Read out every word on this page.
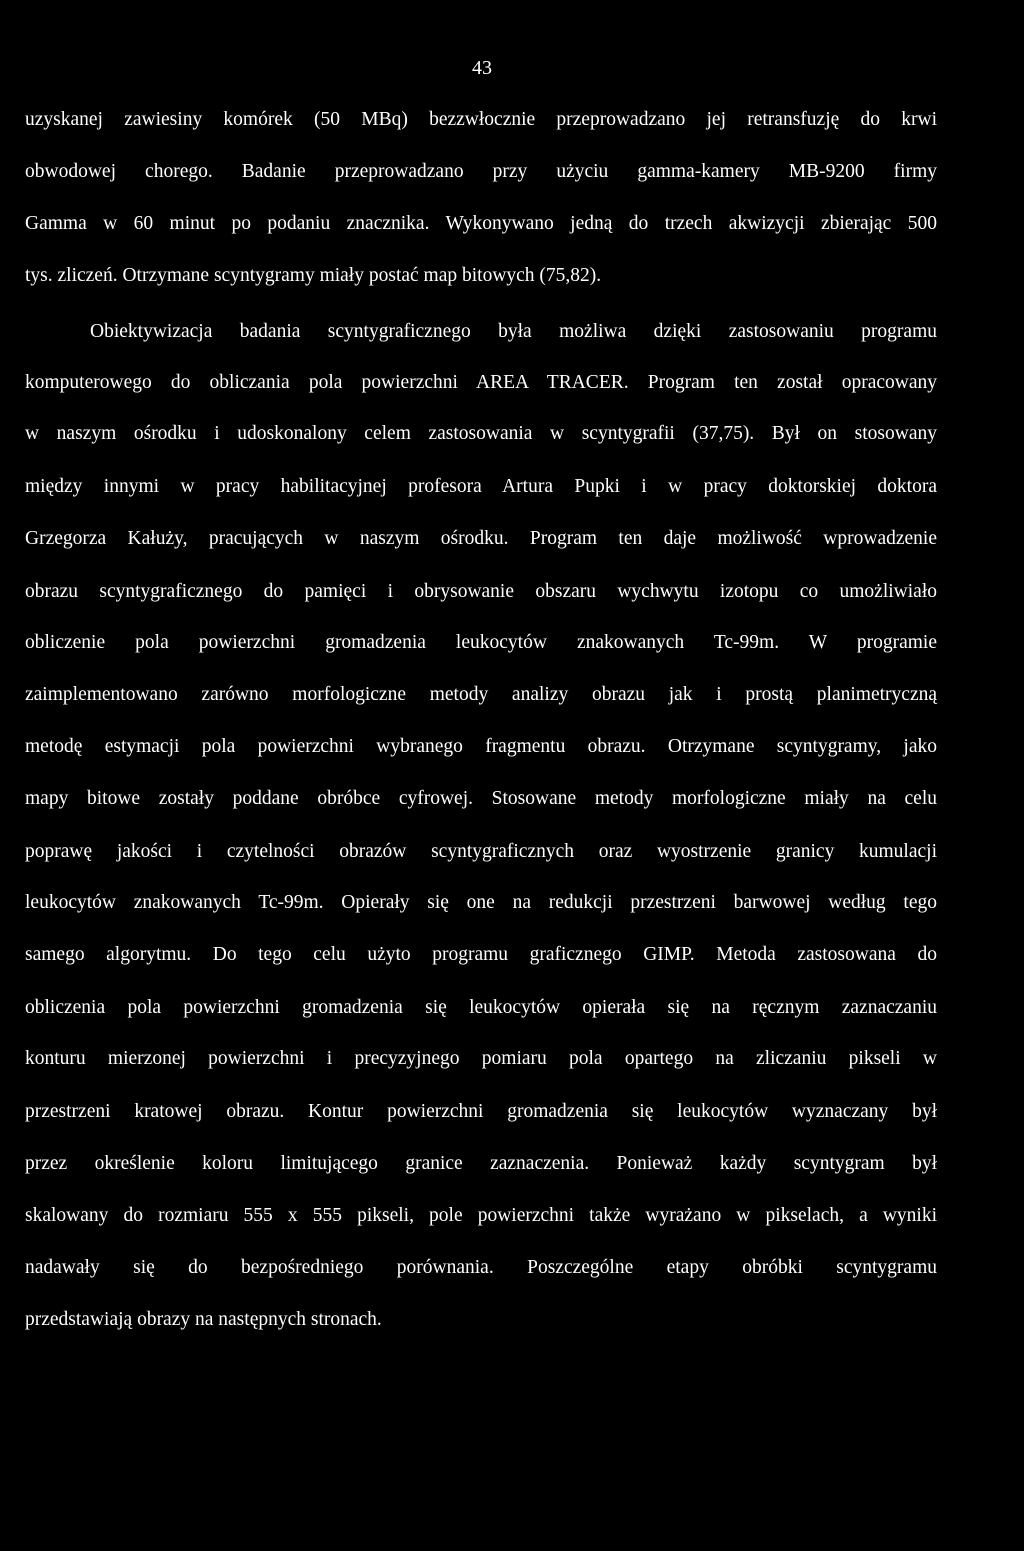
43
uzyskanej zawiesiny komórek (50 MBq) bezzwłocznie przeprowadzano jej retransfuzję do krwi
obwodowej chorego. Badanie przeprowadzano przy użyciu gamma-kamery MB-9200 firmy
Gamma w 60 minut po podaniu znacznika. Wykonywano jedną do trzech akwizycji zbierając 500
tys. zliczeń. Otrzymane scyntygramy miały postać map bitowych (75,82).
Obiektywizacja badania scyntygraficznego była możliwa dzięki zastosowaniu programu
komputerowego do obliczania pola powierzchni AREA TRACER. Program ten został opracowany
w naszym ośrodku i udoskonalony celem zastosowania w scyntygrafii (37,75). Był on stosowany
między innymi w pracy habilitacyjnej profesora Artura Pupki i w pracy doktorskiej doktora
Grzegorza Kałuży, pracujących w naszym ośrodku. Program ten daje możliwość wprowadzenie
obrazu scyntygraficznego do pamięci i obrysowanie obszaru wychwytu izotopu co umożliwiało
obliczenie pola powierzchni gromadzenia leukocytów znakowanych Tc-99m. W programie
zaimplementowano zarówno morfologiczne metody analizy obrazu jak i prostą planimetryczną
metodę estymacji pola powierzchni wybranego fragmentu obrazu. Otrzymane scyntygramy, jako
mapy bitowe zostały poddane obróbce cyfrowej. Stosowane metody morfologiczne miały na celu
poprawę jakości i czytelności obrazów scyntygraficznych oraz wyostrzenie granicy kumulacji
leukocytów znakowanych Tc-99m. Opierały się one na redukcji przestrzeni barwowej według tego
samego algorytmu. Do tego celu użyto programu graficznego GIMP. Metoda zastosowana do
obliczenia pola powierzchni gromadzenia się leukocytów opierała się na ręcznym zaznaczaniu
konturu mierzonej powierzchni i precyzyjnego pomiaru pola opartego na zliczaniu pikseli w
przestrzeni kratowej obrazu. Kontur powierzchni gromadzenia się leukocytów wyznaczany był
przez określenie koloru limitującego granice zaznaczenia. Ponieważ każdy scyntygram był
skalowany do rozmiaru 555 x 555 pikseli, pole powierzchni także wyrażano w pikselach, a wyniki
nadawały się do bezpośredniego porównania. Poszczególne etapy obróbki scyntygramu
przedstawiają obrazy na następnych stronach.
